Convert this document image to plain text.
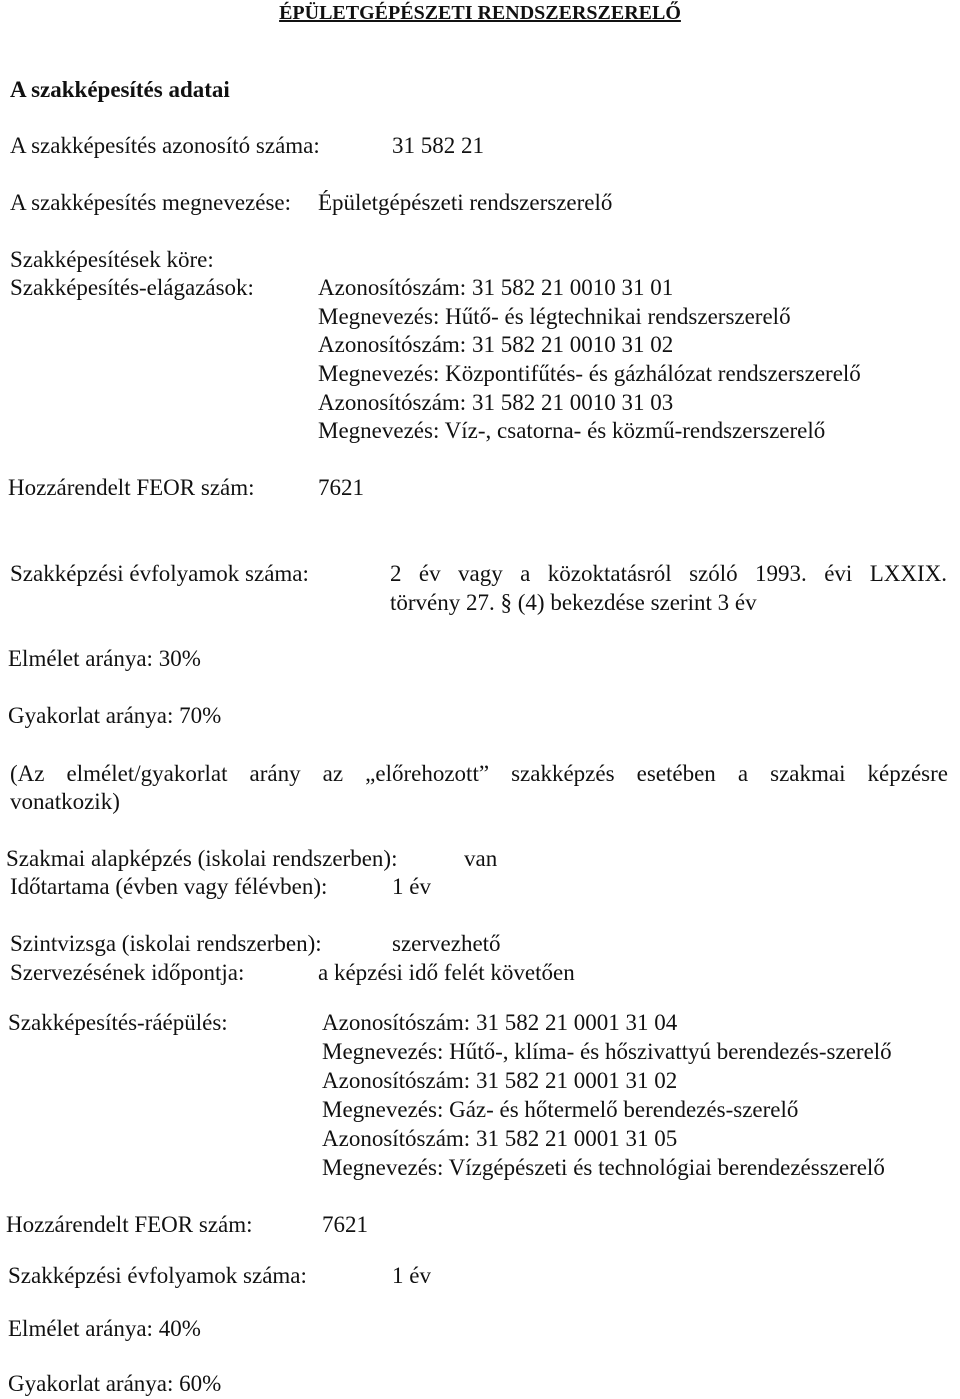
ÉPÜLETGÉPÉSZETI RENDSZERSZERELŐ
A szakképesítés adatai
A szakképesítés azonosító száma:	31 582 21
A szakképesítés megnevezése: Épületgépészeti rendszerszerelő
Szakképesítések köre:
Szakképesítés-elágazások:	Azonosítószám: 31 582 21 0010 31 01
Megnevezés: Hűtő- és légtechnikai rendszerszerelő
Azonosítószám: 31 582 21 0010 31 02
Megnevezés: Központifűtés- és gázhálózat rendszerszerelő
Azonosítószám: 31 582 21 0010 31 03
Megnevezés: Víz-, csatorna- és közmű-rendszerszerelő
Hozzárendelt FEOR szám:	7621
Szakképzési évfolyamok száma:	2 év vagy a közoktatásról szóló 1993. évi LXXIX.
törvény 27. § (4) bekezdése szerint 3 év
Elmélet aránya: 30%
Gyakorlat aránya: 70%
(Az elmélet/gyakorlat arány az „előrehozott” szakképzés esetében a szakmai képzésre
vonatkozik)
Szakmai alapképzés (iskolai rendszerben):	van
Időtartama (évben vagy félévben):	1 év
Szintvizsga (iskolai rendszerben):	szervezhető
Szervezésének időpontja:	a képzési idő felét követően
Szakképesítés-ráépülés:	Azonosítószám: 31 582 21 0001 31 04
Megnevezés: Hűtő-, klíma- és hőszivattyú berendezés-szerelő
Azonosítószám: 31 582 21 0001 31 02
Megnevezés: Gáz- és hőtermelő berendezés-szerelő
Azonosítószám: 31 582 21 0001 31 05
Megnevezés: Vízgépészeti és technológiai berendezésszerelő
Hozzárendelt FEOR szám:	7621
Szakképzési évfolyamok száma:	1 év
Elmélet aránya: 40%
Gyakorlat aránya: 60%
